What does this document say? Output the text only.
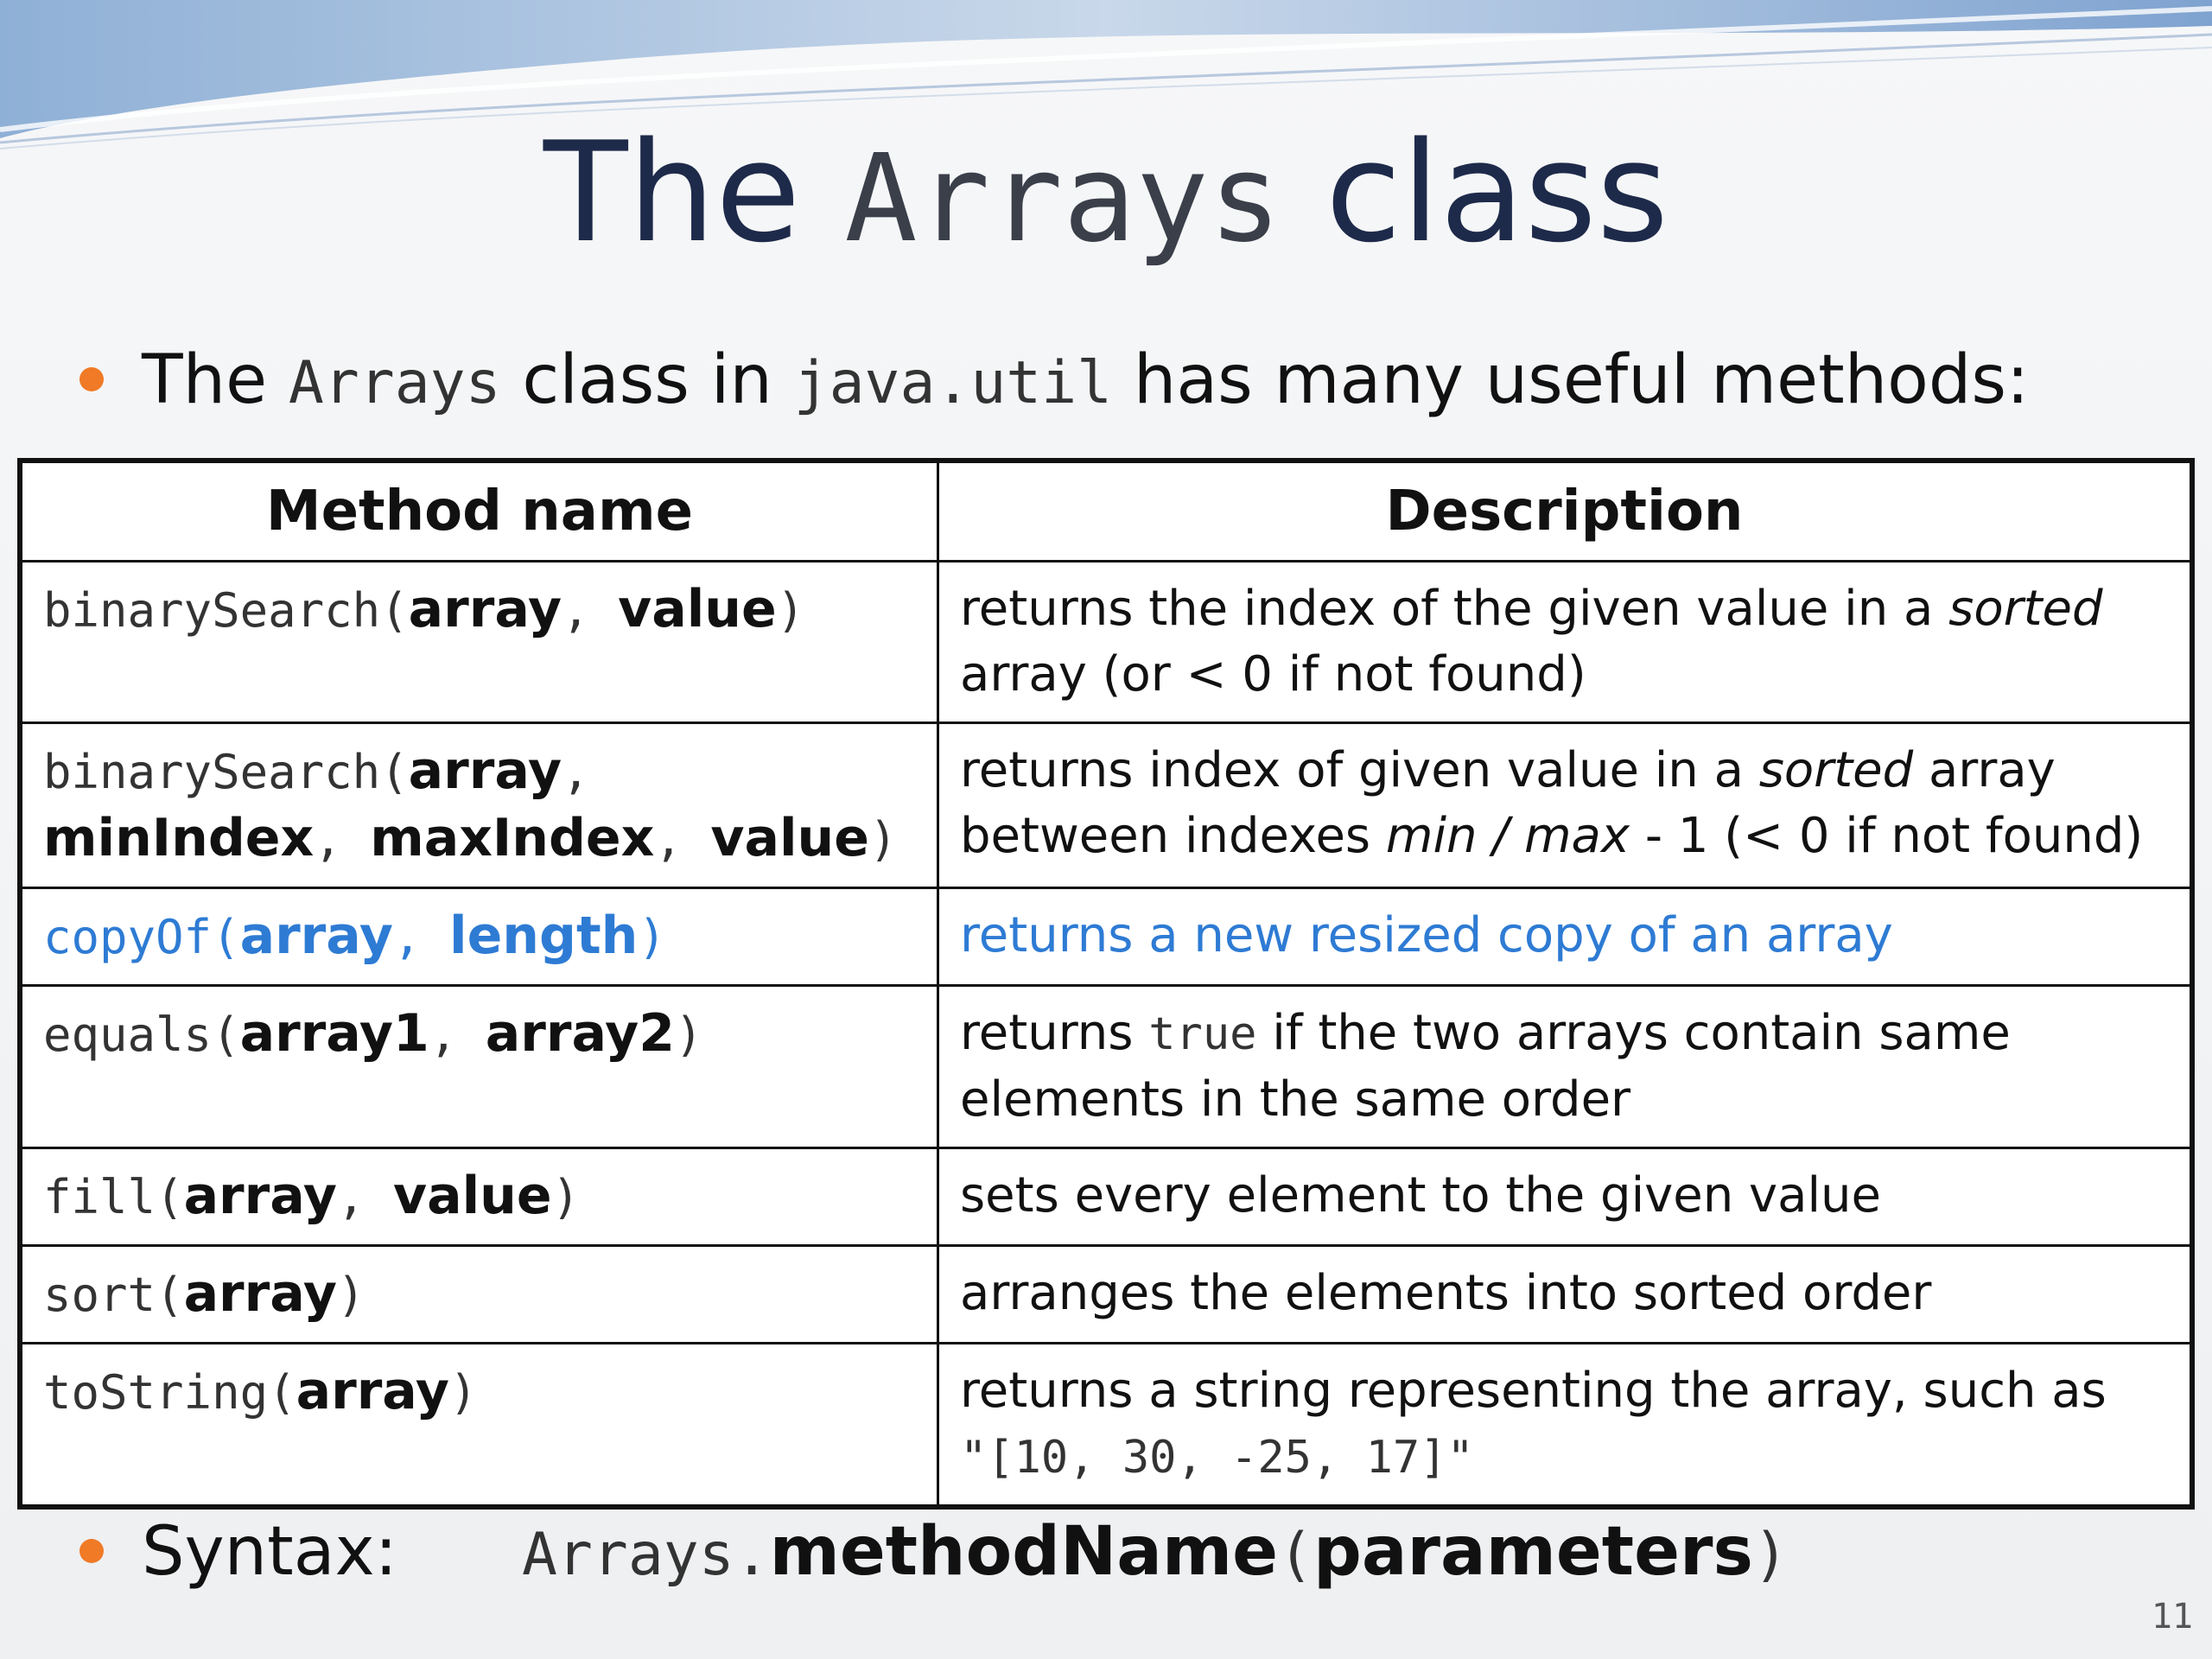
The Arrays class
The Arrays class in java.util has many useful methods:
Method name	Description
binarySearch(array, value)	returns the index of the given value in a sorted
array (or < 0 if not found)
binarySearch(array,
minIndex, maxIndex, value)	returns index of given value in a sorted array between indexes min / max - 1 (< 0 if not found)
copyOf(array, length)	returns a new resized copy of an array
equals(array1, array2)	returns true if the two arrays contain same elements in the same order
fill(array, value)	sets every element to the given value
sort(array)	arranges the elements into sorted order
toString(array)	returns a string representing the array, such as
"[10, 30, -25, 17]"
Syntax: Arrays.methodName(parameters)
11
